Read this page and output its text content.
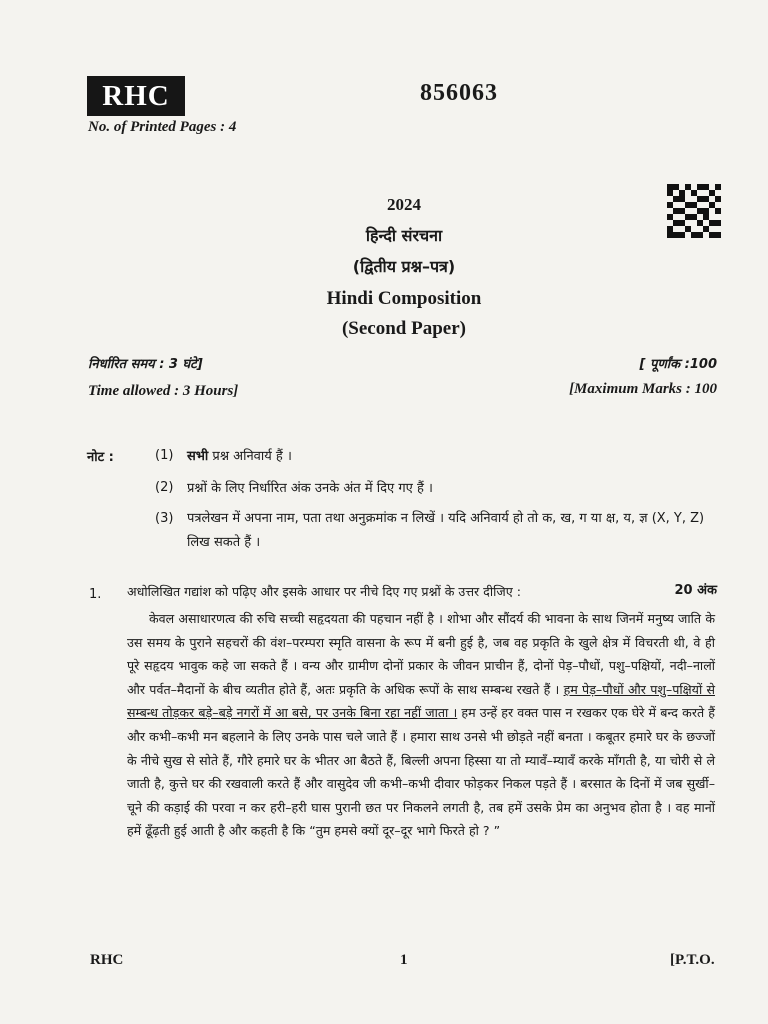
RHC	856063
No. of Printed Pages : 4
2024
हिन्दी संरचना
(द्वितीय प्रश्न–पत्र)
Hindi Composition
(Second Paper)
निर्धारित समय : 3 घंटे]	[ पूर्णांक :100
Time allowed : 3 Hours]	[Maximum Marks : 100
नोट :	(1) सभी प्रश्न अनिवार्य हैं ।
(2) प्रश्नों के लिए निर्धारित अंक उनके अंत में दिए गए हैं ।
(3) पत्रलेखन में अपना नाम, पता तथा अनुक्रमांक न लिखें । यदि अनिवार्य हो तो क, ख, ग या क्ष, य, ज्ञ (X, Y, Z) लिख सकते हैं ।
1. अधोलिखित गद्यांश को पढ़िए और इसके आधार पर नीचे दिए गए प्रश्नों के उत्तर दीजिए :	20 अंक
केवल असाधारणत्व की रुचि सच्ची सहृदयता की पहचान नहीं है । शोभा और सौंदर्य की भावना के साथ जिनमें मनुष्य जाति के उस समय के पुराने सहचरों की वंश–परम्परा स्मृति वासना के रूप में बनी हुई है, जब वह प्रकृति के खुले क्षेत्र में विचरती थी, वे ही पूरे सहृदय भावुक कहे जा सकते हैं । वन्य और ग्रामीण दोनों प्रकार के जीवन प्राचीन हैं, दोनों पेड़–पौधों, पशु–पक्षियों, नदी–नालों और पर्वत–मैदानों के बीच व्यतीत होते हैं, अतः प्रकृति के अधिक रूपों के साथ सम्बन्ध रखते हैं । हम पेड़–पौधों और पशु–पक्षियों से सम्बन्ध तोड़कर बड़े–बड़े नगरों में आ बसे, पर उनके बिना रहा नहीं जाता । हम उन्हें हर वक्त पास न रखकर एक घेरे में बन्द करते हैं और कभी–कभी मन बहलाने के लिए उनके पास चले जाते हैं । हमारा साथ उनसे भी छोड़ते नहीं बनता । कबूतर हमारे घर के छज्जों के नीचे सुख से सोते हैं, गौरे हमारे घर के भीतर आ बैठते हैं, बिल्ली अपना हिस्सा या तो म्यावँ–म्यावँ करके माँगती है, या चोरी से ले जाती है, कुत्ते घर की रखवाली करते हैं और वासुदेव जी कभी–कभी दीवार फोड़कर निकल पड़ते हैं । बरसात के दिनों में जब सुर्खी–चूने की कड़ाई की परवा न कर हरी–हरी घास पुरानी छत पर निकलने लगती है, तब हमें उसके प्रेम का अनुभव होता है । वह मानों हमें ढूँढ़ती हुई आती है और कहती है कि “तुम हमसे क्यों दूर–दूर भागे फिरते हो ? ”
RHC	1	[P.T.O.
